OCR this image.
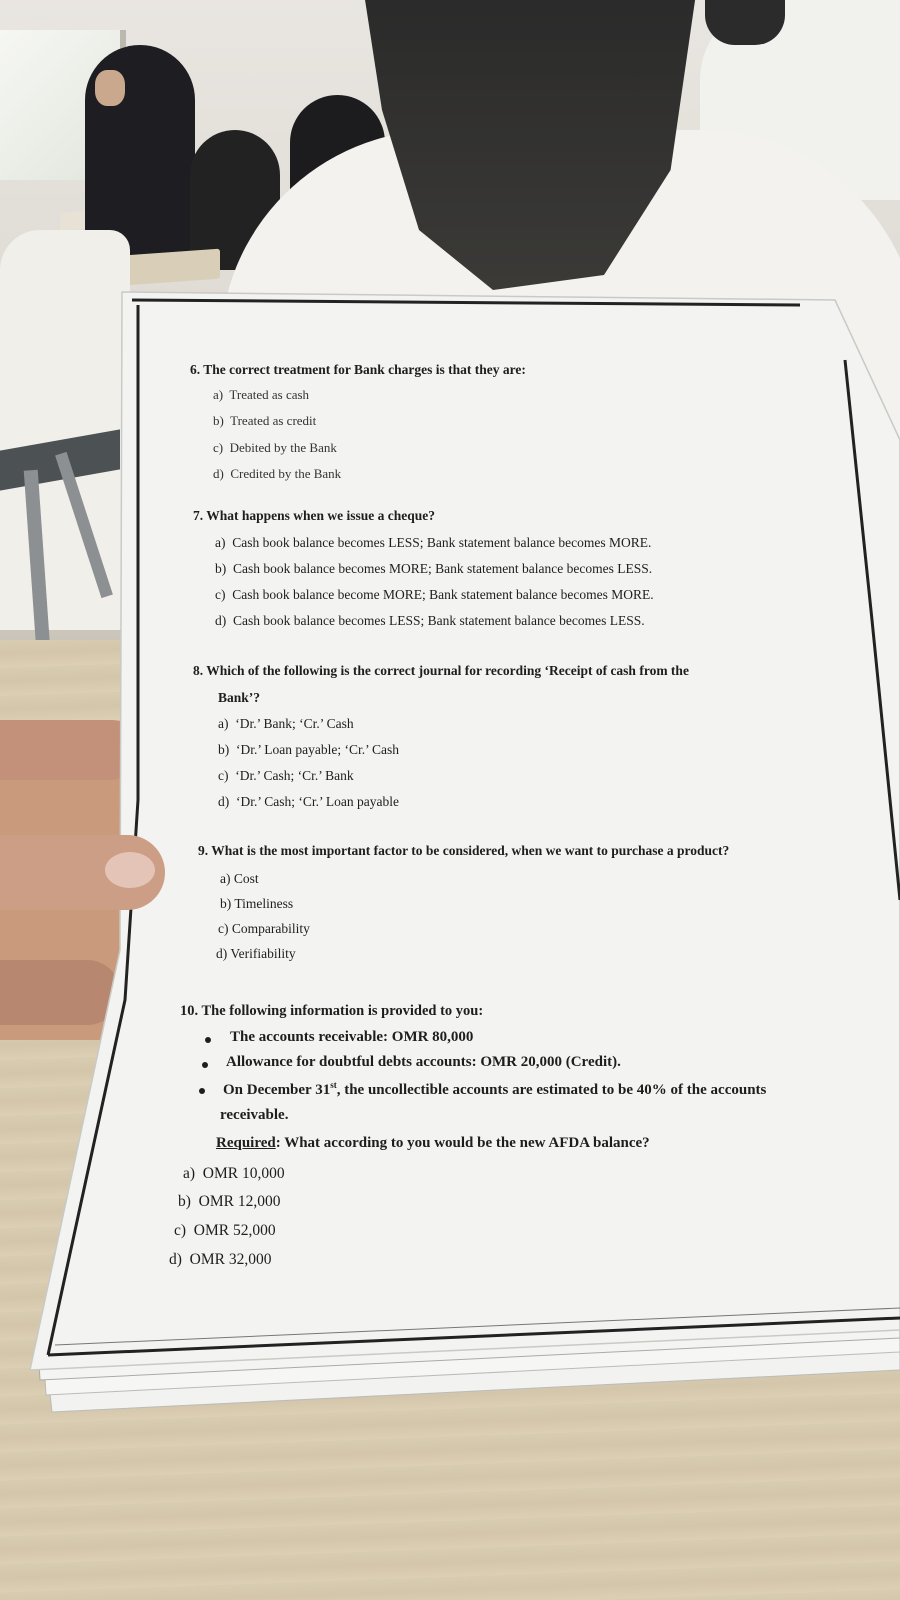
6. The correct treatment for Bank charges is that they are:
a) Treated as cash
b) Treated as credit
c) Debited by the Bank
d) Credited by the Bank
7. What happens when we issue a cheque?
a) Cash book balance becomes LESS; Bank statement balance becomes MORE.
b) Cash book balance becomes MORE; Bank statement balance becomes LESS.
c) Cash book balance become MORE; Bank statement balance becomes MORE.
d) Cash book balance becomes LESS; Bank statement balance becomes LESS.
8. Which of the following is the correct journal for recording ‘Receipt of cash from the
Bank’?
a) ‘Dr.’ Bank; ‘Cr.’ Cash
b) ‘Dr.’ Loan payable; ‘Cr.’ Cash
c) ‘Dr.’ Cash; ‘Cr.’ Bank
d) ‘Dr.’ Cash; ‘Cr.’ Loan payable
9. What is the most important factor to be considered, when we want to purchase a product?
a) Cost
b) Timeliness
c) Comparability
d) Verifiability
10. The following information is provided to you:
The accounts receivable: OMR 80,000
Allowance for doubtful debts accounts: OMR 20,000 (Credit).
On December 31st, the uncollectible accounts are estimated to be 40% of the accounts
receivable.
Required: What according to you would be the new AFDA balance?
a) OMR 10,000
b) OMR 12,000
c) OMR 52,000
d) OMR 32,000
